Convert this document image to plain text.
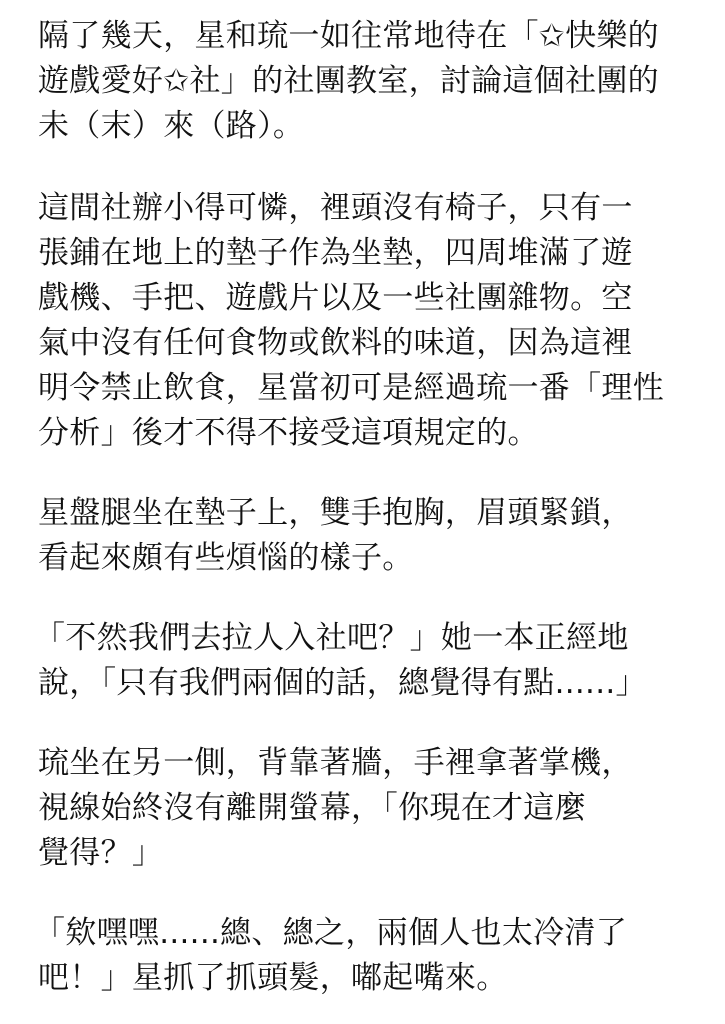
隔了幾天，星和琉一如往常地待在「✩快樂的

遊戲愛好✩社」的社團教室，討論這個社團的

未（末）來（路）。

這間社辦小得可憐，裡頭沒有椅子，只有一

張鋪在地上的墊子作為坐墊，四周堆滿了遊

戲機、手把、遊戲片以及一些社團雜物。空

氣中沒有任何食物或飲料的味道，因為這裡

明令禁止飲食，星當初可是經過琉一番「理性

分析」後才不得不接受這項規定的。

星盤腿坐在墊子上，雙手抱胸，眉頭緊鎖，

看起來頗有些煩惱的樣子。

「不然我們去拉人入社吧？」她一本正經地

說，「只有我們兩個的話，總覺得有點......」

琉坐在另一側，背靠著牆，手裡拿著掌機，

視線始終沒有離開螢幕，「你現在才這麼

覺得？」

「欸嘿嘿......總、總之，兩個人也太冷清了

吧！」星抓了抓頭髮，嘟起嘴來。
